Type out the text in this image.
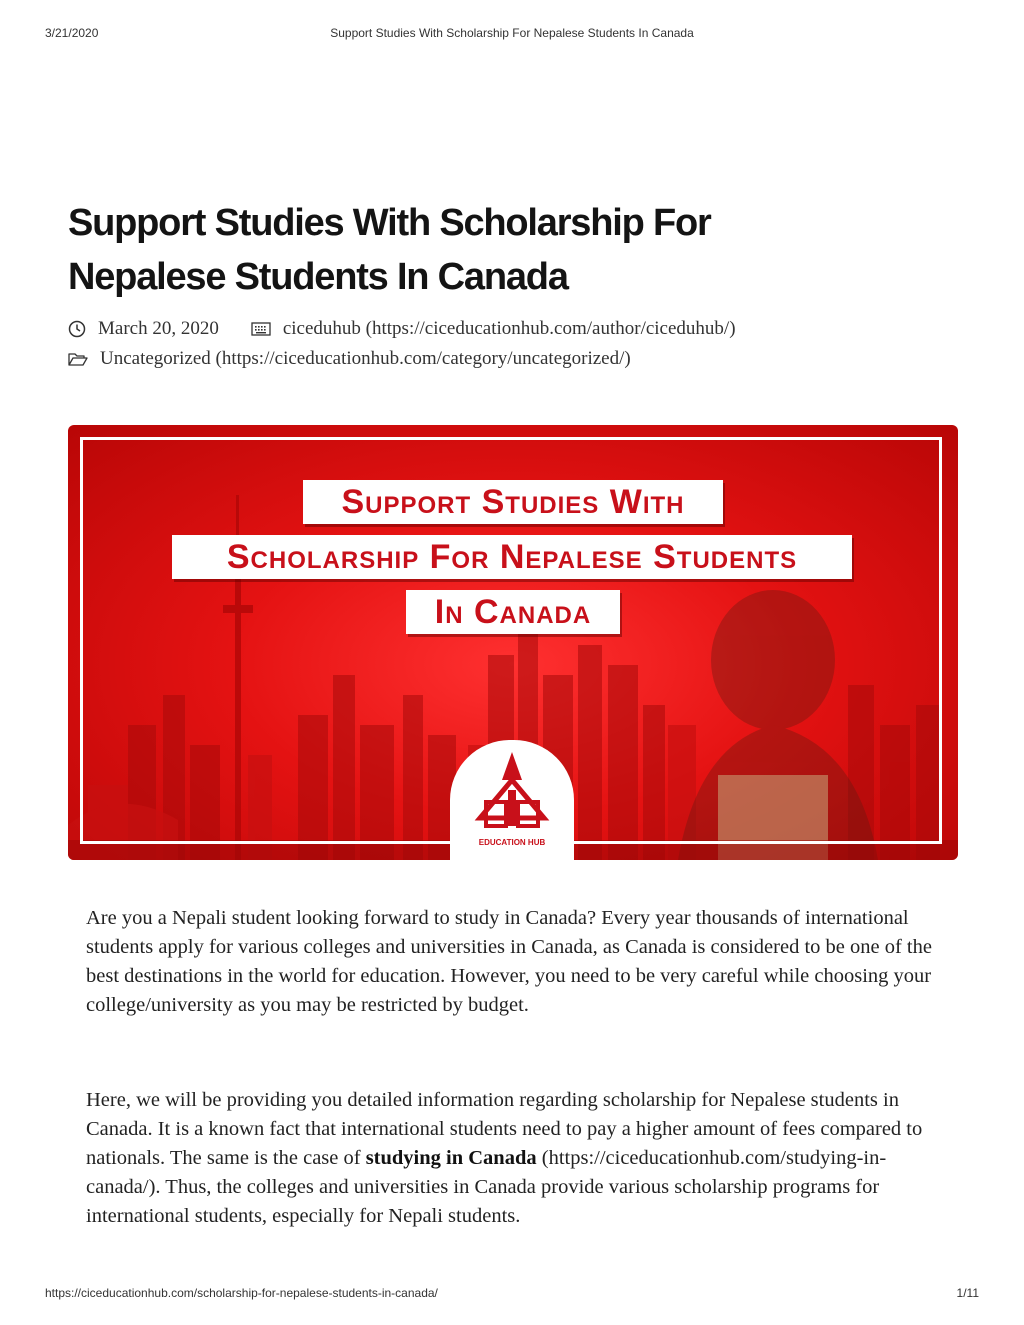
3/21/2020	Support Studies With Scholarship For Nepalese Students In Canada
Support Studies With Scholarship For Nepalese Students In Canada
March 20, 2020	ciceduhub (https://ciceducationhub.com/author/ciceduhub/)
Uncategorized (https://ciceducationhub.com/category/uncategorized/)
Support Studies With
Scholarship For Nepalese Students
In Canada
EDUCATION HUB

Are you a Nepali student looking forward to study in Canada? Every year thousands of international students apply for various colleges and universities in Canada, as Canada is considered to be one of the best destinations in the world for education. However, you need to be very careful while choosing your college/university as you may be restricted by budget.

Here, we will be providing you detailed information regarding scholarship for Nepalese students in Canada. It is a known fact that international students need to pay a higher amount of fees compared to nationals. The same is the case of studying in Canada (https://ciceducationhub.com/studying-in-canada/). Thus, the colleges and universities in Canada provide various scholarship programs for international students, especially for Nepali students.

https://ciceducationhub.com/scholarship-for-nepalese-students-in-canada/	1/11
